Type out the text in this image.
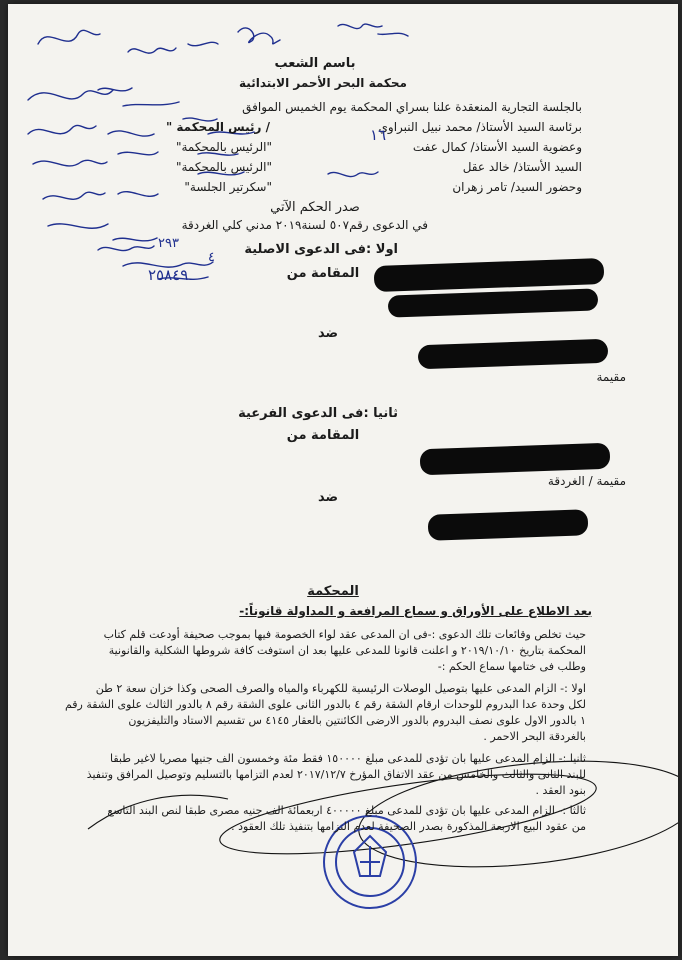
باسم الشعب
محكمة البحر الأحمر الابتدائية
بالجلسة التجارية المنعقدة علنا بسراي المحكمة يوم الخميس الموافق
برئاسة السيد الأستاذ/ محمد نبيل النبراوي
/ رئيس المحكمة "
وعضوية السيد الأستاذ/ كمال عفت
"الرئيس بالمحكمة"
السيد الأستاذ/ خالد عقل
"الرئيس بالمحكمة"
وحضور السيد/ تامر زهران
"سكرتير الجلسة"
صدر الحكم الآتي
في الدعوى رقم٥٠٧ لسنة٢٠١٩ مدني كلي الغردقة
اولا :فى الدعوى الاصلية
المقامة من
ضد
مقيمة
ثانيا :فى الدعوى الفرعية
المقامة من
مقيمة / الغردقة
ضد
المحكمة
بعد الاطلاع على الأوراق و سماع المرافعة و المداولة قانوناً:-
حيث تخلص وقائعات تلك الدعوى :-فى ان المدعى عقد لواء الخصومة فيها بموجب صحيفة أودعت قلم كتاب
المحكمة بتاريخ ٢٠١٩/١٠/١٠ و اعلنت قانونا للمدعى عليها بعد ان استوفت كافة شروطها الشكلية والقانونية
وطلب فى ختامها سماع الحكم :-
اولا :- الزام المدعى عليها بتوصيل الوصلات الرئيسية للكهرباء والمياه والصرف الصحى وكذا خزان سعة ٢ طن
لكل وحدة عدا البدروم للوحدات ارقام الشقة رقم ٤ بالدور الثانى علوى الشقة رقم ٨ بالدور الثالث علوى الشقة رقم
١ بالدور الاول علوى نصف البدروم بالدور الارضى الكائنتين بالعقار ٤١٤٥ س تقسيم الاستاد والتليفزيون
بالغردقة البحر الاحمر .
ثانيا :- الزام المدعى عليها بان تؤدى للمدعى مبلغ ١٥٠٠٠٠ فقط مئة وخمسون الف جنيها مصريا لاغير طبقا
للبند الثانى والثالث والخامس من عقد الاتفاق المؤرخ ٢٠١٧/١٢/٧ لعدم التزامها بالتسليم وتوصيل المرافق وتنفيذ
بنود العقد .
ثالثا :- الزام المدعى عليها بان تؤدى للمدعى مبلغ ٤٠٠٠٠٠ اربعمائة الف جنيه مصرى طبقا لنص البند التاسع
من عقود البيع الاربعة المذكورة بصدر الصحيفة لعدم التزامها بتنفيذ تلك العقود .
١٦
٢٥٨٤٩
٢٩٣
٤
